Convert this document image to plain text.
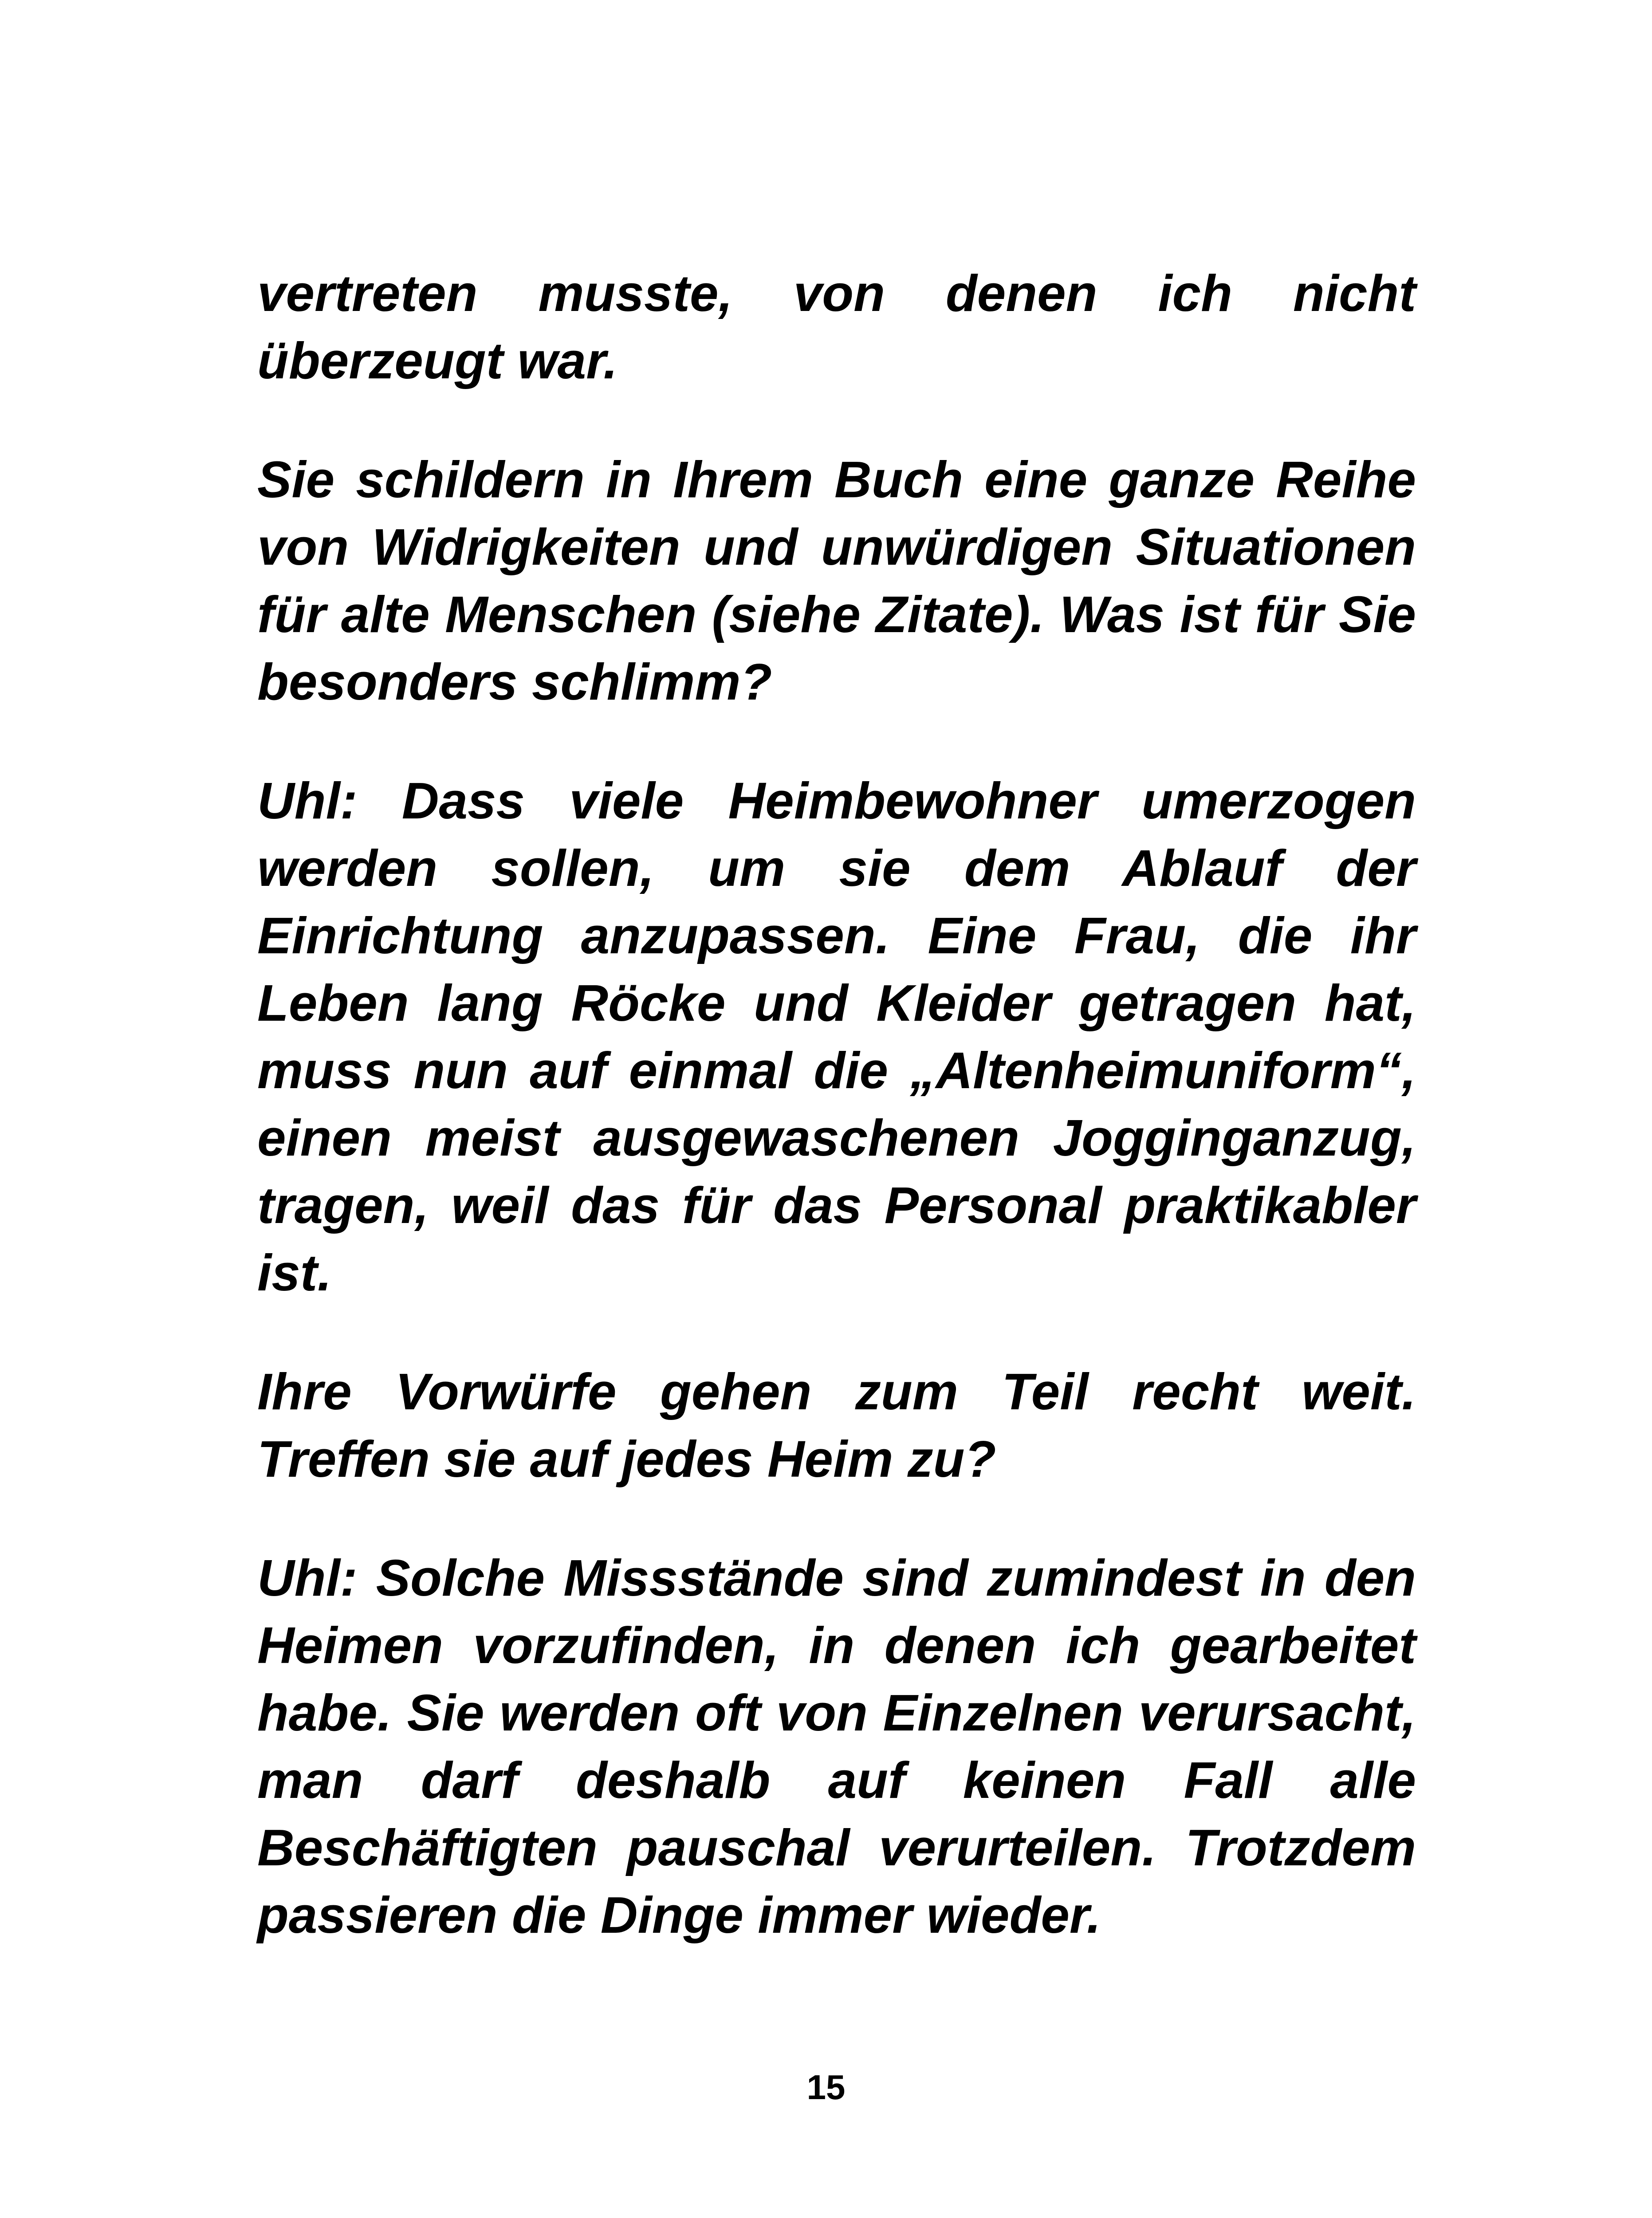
vertreten musste, von denen ich nicht überzeugt war.

Sie schildern in Ihrem Buch eine ganze Reihe von Widrigkeiten und unwürdigen Situationen für alte Menschen (siehe Zitate). Was ist für Sie besonders schlimm?

Uhl: Dass viele Heimbewohner umerzogen werden sollen, um sie dem Ablauf der Einrichtung anzupassen. Eine Frau, die ihr Leben lang Röcke und Kleider getragen hat, muss nun auf einmal die „Altenheimuniform“, einen meist ausgewaschenen Jogginganzug, tragen, weil das für das Personal praktikabler ist.

Ihre Vorwürfe gehen zum Teil recht weit. Treffen sie auf jedes Heim zu?

Uhl: Solche Missstände sind zumindest in den Heimen vorzufinden, in denen ich gearbeitet habe. Sie werden oft von Einzelnen verursacht, man darf deshalb auf keinen Fall alle Beschäftigten pauschal verurteilen. Trotzdem passieren die Dinge immer wieder.

15
